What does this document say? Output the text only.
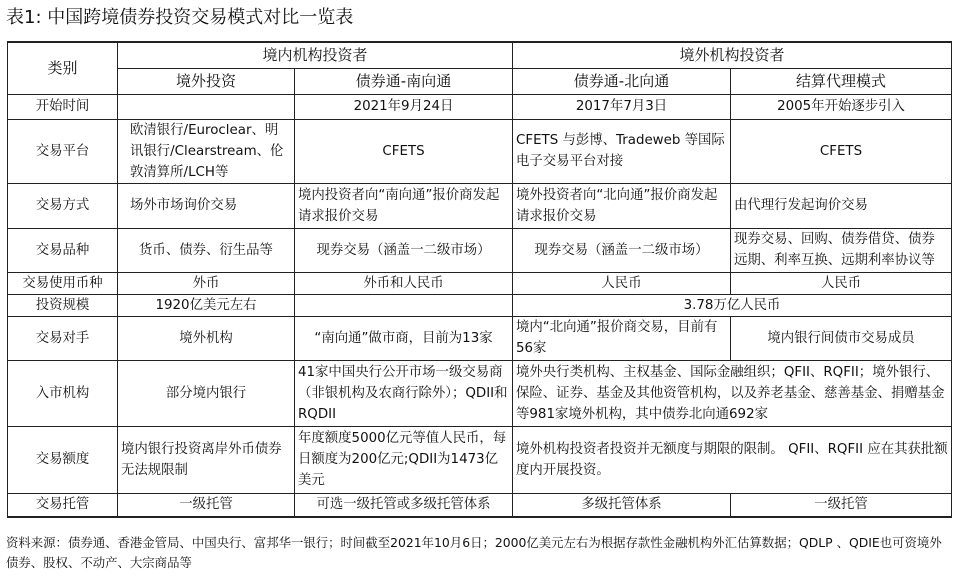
表1: 中国跨境债券投资交易模式对比一览表
类别	境内机构投资者		境外机构投资者	
	境外投资	债券通-南向通	债券通-北向通	结算代理模式
开始时间		2021年9月24日	2017年7月3日	2005年开始逐步引入
交易平台	欧清银行/Euroclear、明讯银行/Clearstream、伦敦清算所/LCH等	CFETS	CFETS 与彭博、Tradeweb 等国际电子交易平台对接	CFETS
交易方式	场外市场询价交易	境内投资者向“南向通”报价商发起请求报价交易	境外投资者向“北向通”报价商发起请求报价交易	由代理行发起询价交易
交易品种	货币、债券、衍生品等	现券交易（涵盖一二级市场）	现券交易（涵盖一二级市场）	现券交易、回购、债券借贷、债券远期、利率互换、远期利率协议等
交易使用币种	外币	外币和人民币	人民币	人民币
投资规模	1920亿美元左右		3.78万亿人民币	
交易对手	境外机构	“南向通”做市商，目前为13家	境内“北向通”报价商交易，目前有56家	境内银行间债市交易成员
入市机构	部分境内银行	41家中国央行公开市场一级交易商（非银机构及农商行除外）；QDII和RQDII	境外央行类机构、主权基金、国际金融组织；QFII、RQFII；境外银行、保险、证券、基金及其他资管机构，以及养老基金、慈善基金、捐赠基金等981家境外机构，其中债券北向通692家	
交易额度	境内银行投资离岸外币债券无法规限制	年度额度5000亿元等值人民币，每日额度为200亿元;QDII为1473亿美元	境外机构投资者投资并无额度与期限的限制。 QFII、RQFII 应在其获批额度内开展投资。	
交易托管	一级托管	可选一级托管或多级托管体系	多级托管体系	一级托管
资料来源：债券通、香港金管局、中国央行、富邦华一银行；时间截至2021年10月6日；2000亿美元左右为根据存款性金融机构外汇估算数据；QDLP 、QDIE也可资境外债券、股权、不动产、大宗商品等
